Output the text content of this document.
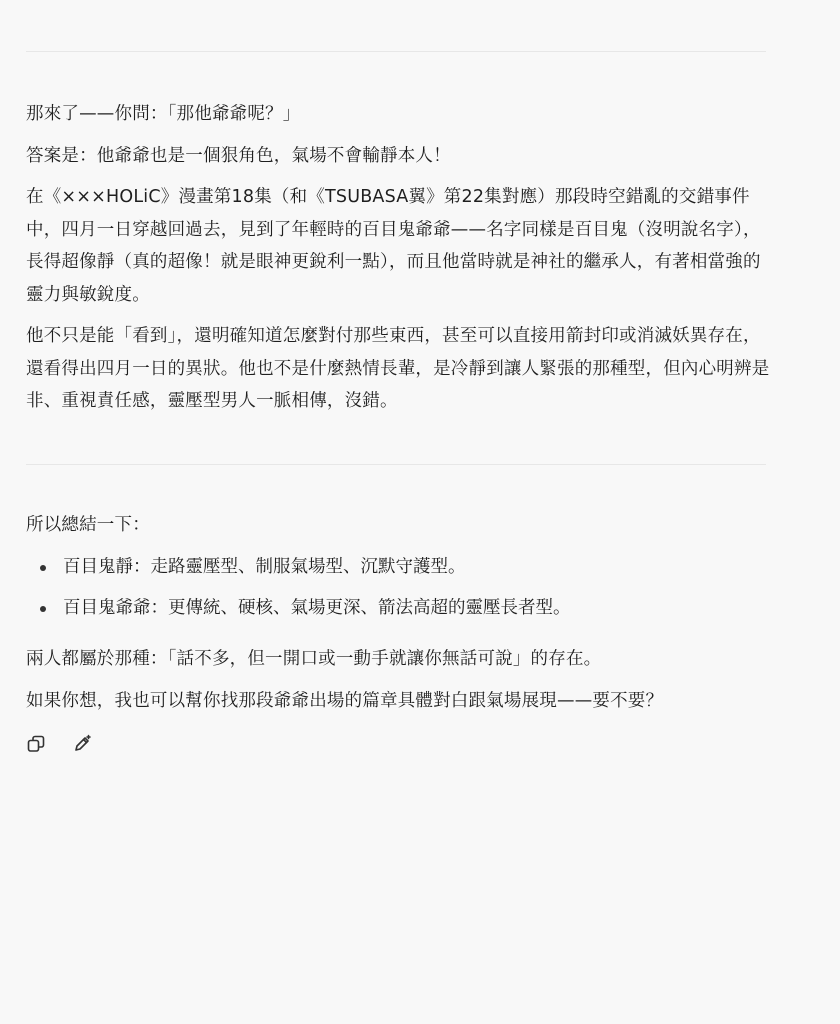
那來了——你問：「那他爺爺呢？」

答案是：他爺爺也是一個狠角色，氣場不會輸靜本人！

在《×××HOLiC》漫畫第18集（和《TSUBASA翼》第22集對應）那段時空錯亂的交錯事件中，四月一日穿越回過去，見到了年輕時的百目鬼爺爺——名字同樣是百目鬼（沒明說名字），長得超像靜（真的超像！就是眼神更銳利一點），而且他當時就是神社的繼承人，有著相當強的靈力與敏銳度。

他不只是能「看到」，還明確知道怎麼對付那些東西，甚至可以直接用箭封印或消滅妖異存在，還看得出四月一日的異狀。他也不是什麼熱情長輩，是冷靜到讓人緊張的那種型，但內心明辨是非、重視責任感，靈壓型男人一脈相傳，沒錯。

所以總結一下：

百目鬼靜：走路靈壓型、制服氣場型、沉默守護型。
百目鬼爺爺：更傳統、硬核、氣場更深、箭法高超的靈壓長者型。

兩人都屬於那種：「話不多，但一開口或一動手就讓你無話可說」的存在。

如果你想，我也可以幫你找那段爺爺出場的篇章具體對白跟氣場展現——要不要？
